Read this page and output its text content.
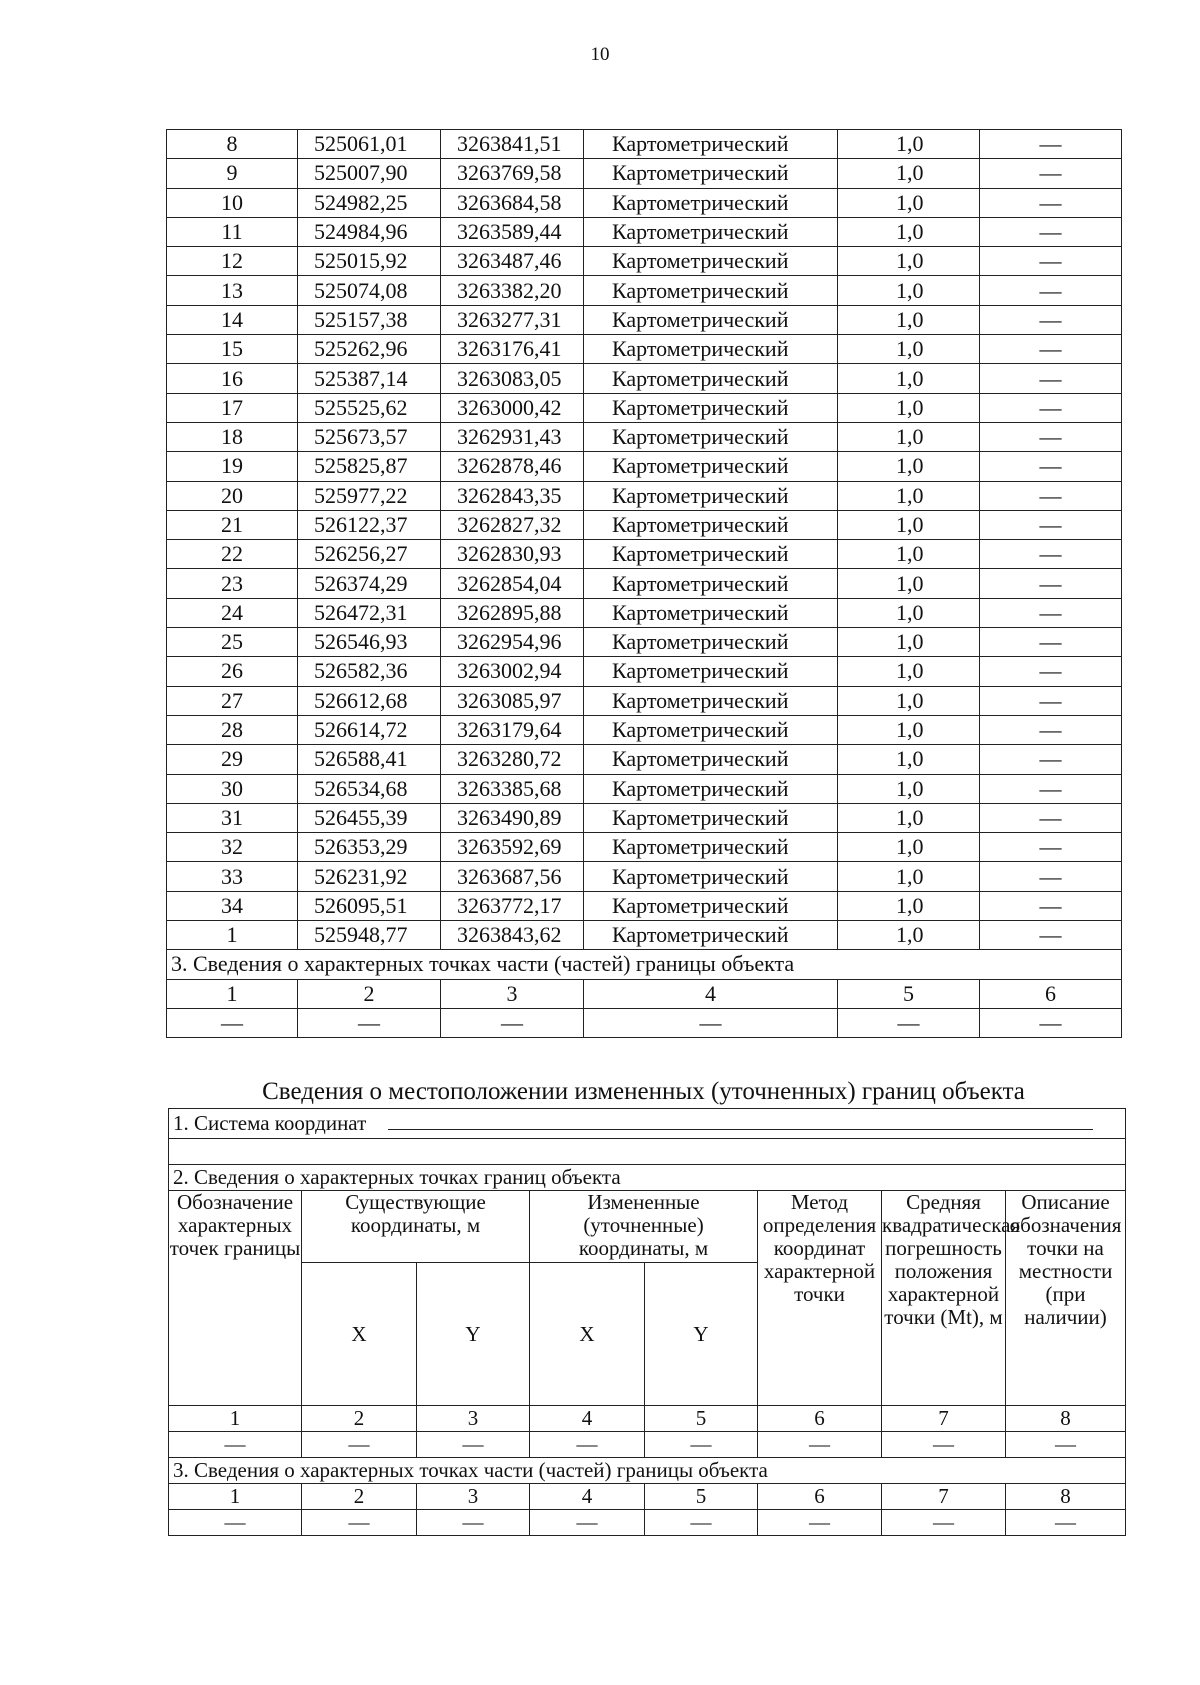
10
8	525061,01	3263841,51	Картометрический	1,0	—
9	525007,90	3263769,58	Картометрический	1,0	—
10	524982,25	3263684,58	Картометрический	1,0	—
11	524984,96	3263589,44	Картометрический	1,0	—
12	525015,92	3263487,46	Картометрический	1,0	—
13	525074,08	3263382,20	Картометрический	1,0	—
14	525157,38	3263277,31	Картометрический	1,0	—
15	525262,96	3263176,41	Картометрический	1,0	—
16	525387,14	3263083,05	Картометрический	1,0	—
17	525525,62	3263000,42	Картометрический	1,0	—
18	525673,57	3262931,43	Картометрический	1,0	—
19	525825,87	3262878,46	Картометрический	1,0	—
20	525977,22	3262843,35	Картометрический	1,0	—
21	526122,37	3262827,32	Картометрический	1,0	—
22	526256,27	3262830,93	Картометрический	1,0	—
23	526374,29	3262854,04	Картометрический	1,0	—
24	526472,31	3262895,88	Картометрический	1,0	—
25	526546,93	3262954,96	Картометрический	1,0	—
26	526582,36	3263002,94	Картометрический	1,0	—
27	526612,68	3263085,97	Картометрический	1,0	—
28	526614,72	3263179,64	Картометрический	1,0	—
29	526588,41	3263280,72	Картометрический	1,0	—
30	526534,68	3263385,68	Картометрический	1,0	—
31	526455,39	3263490,89	Картометрический	1,0	—
32	526353,29	3263592,69	Картометрический	1,0	—
33	526231,92	3263687,56	Картометрический	1,0	—
34	526095,51	3263772,17	Картометрический	1,0	—
1	525948,77	3263843,62	Картометрический	1,0	—
3. Сведения о характерных точках части (частей) границы объекта					
1	2	3	4	5	6
—	—	—	—	—	—
Сведения о местоположении измененных (уточненных) границ объекта
1. Система координат							

2. Сведения о характерных точках границ объекта							
Обозначение характерных точек границы	Существующие координаты, м		Измененные (уточненные) координаты, м		Метод определения координат характерной точки	Средняя квадратическая погрешность положения характерной точки (Mt), м	Описание обозначения точки на местности (при наличии)
	X	Y	X	Y			
1	2	3	4	5	6	7	8
—	—	—	—	—	—	—	—
3. Сведения о характерных точках части (частей) границы объекта							
1	2	3	4	5	6	7	8
—	—	—	—	—	—	—	—
